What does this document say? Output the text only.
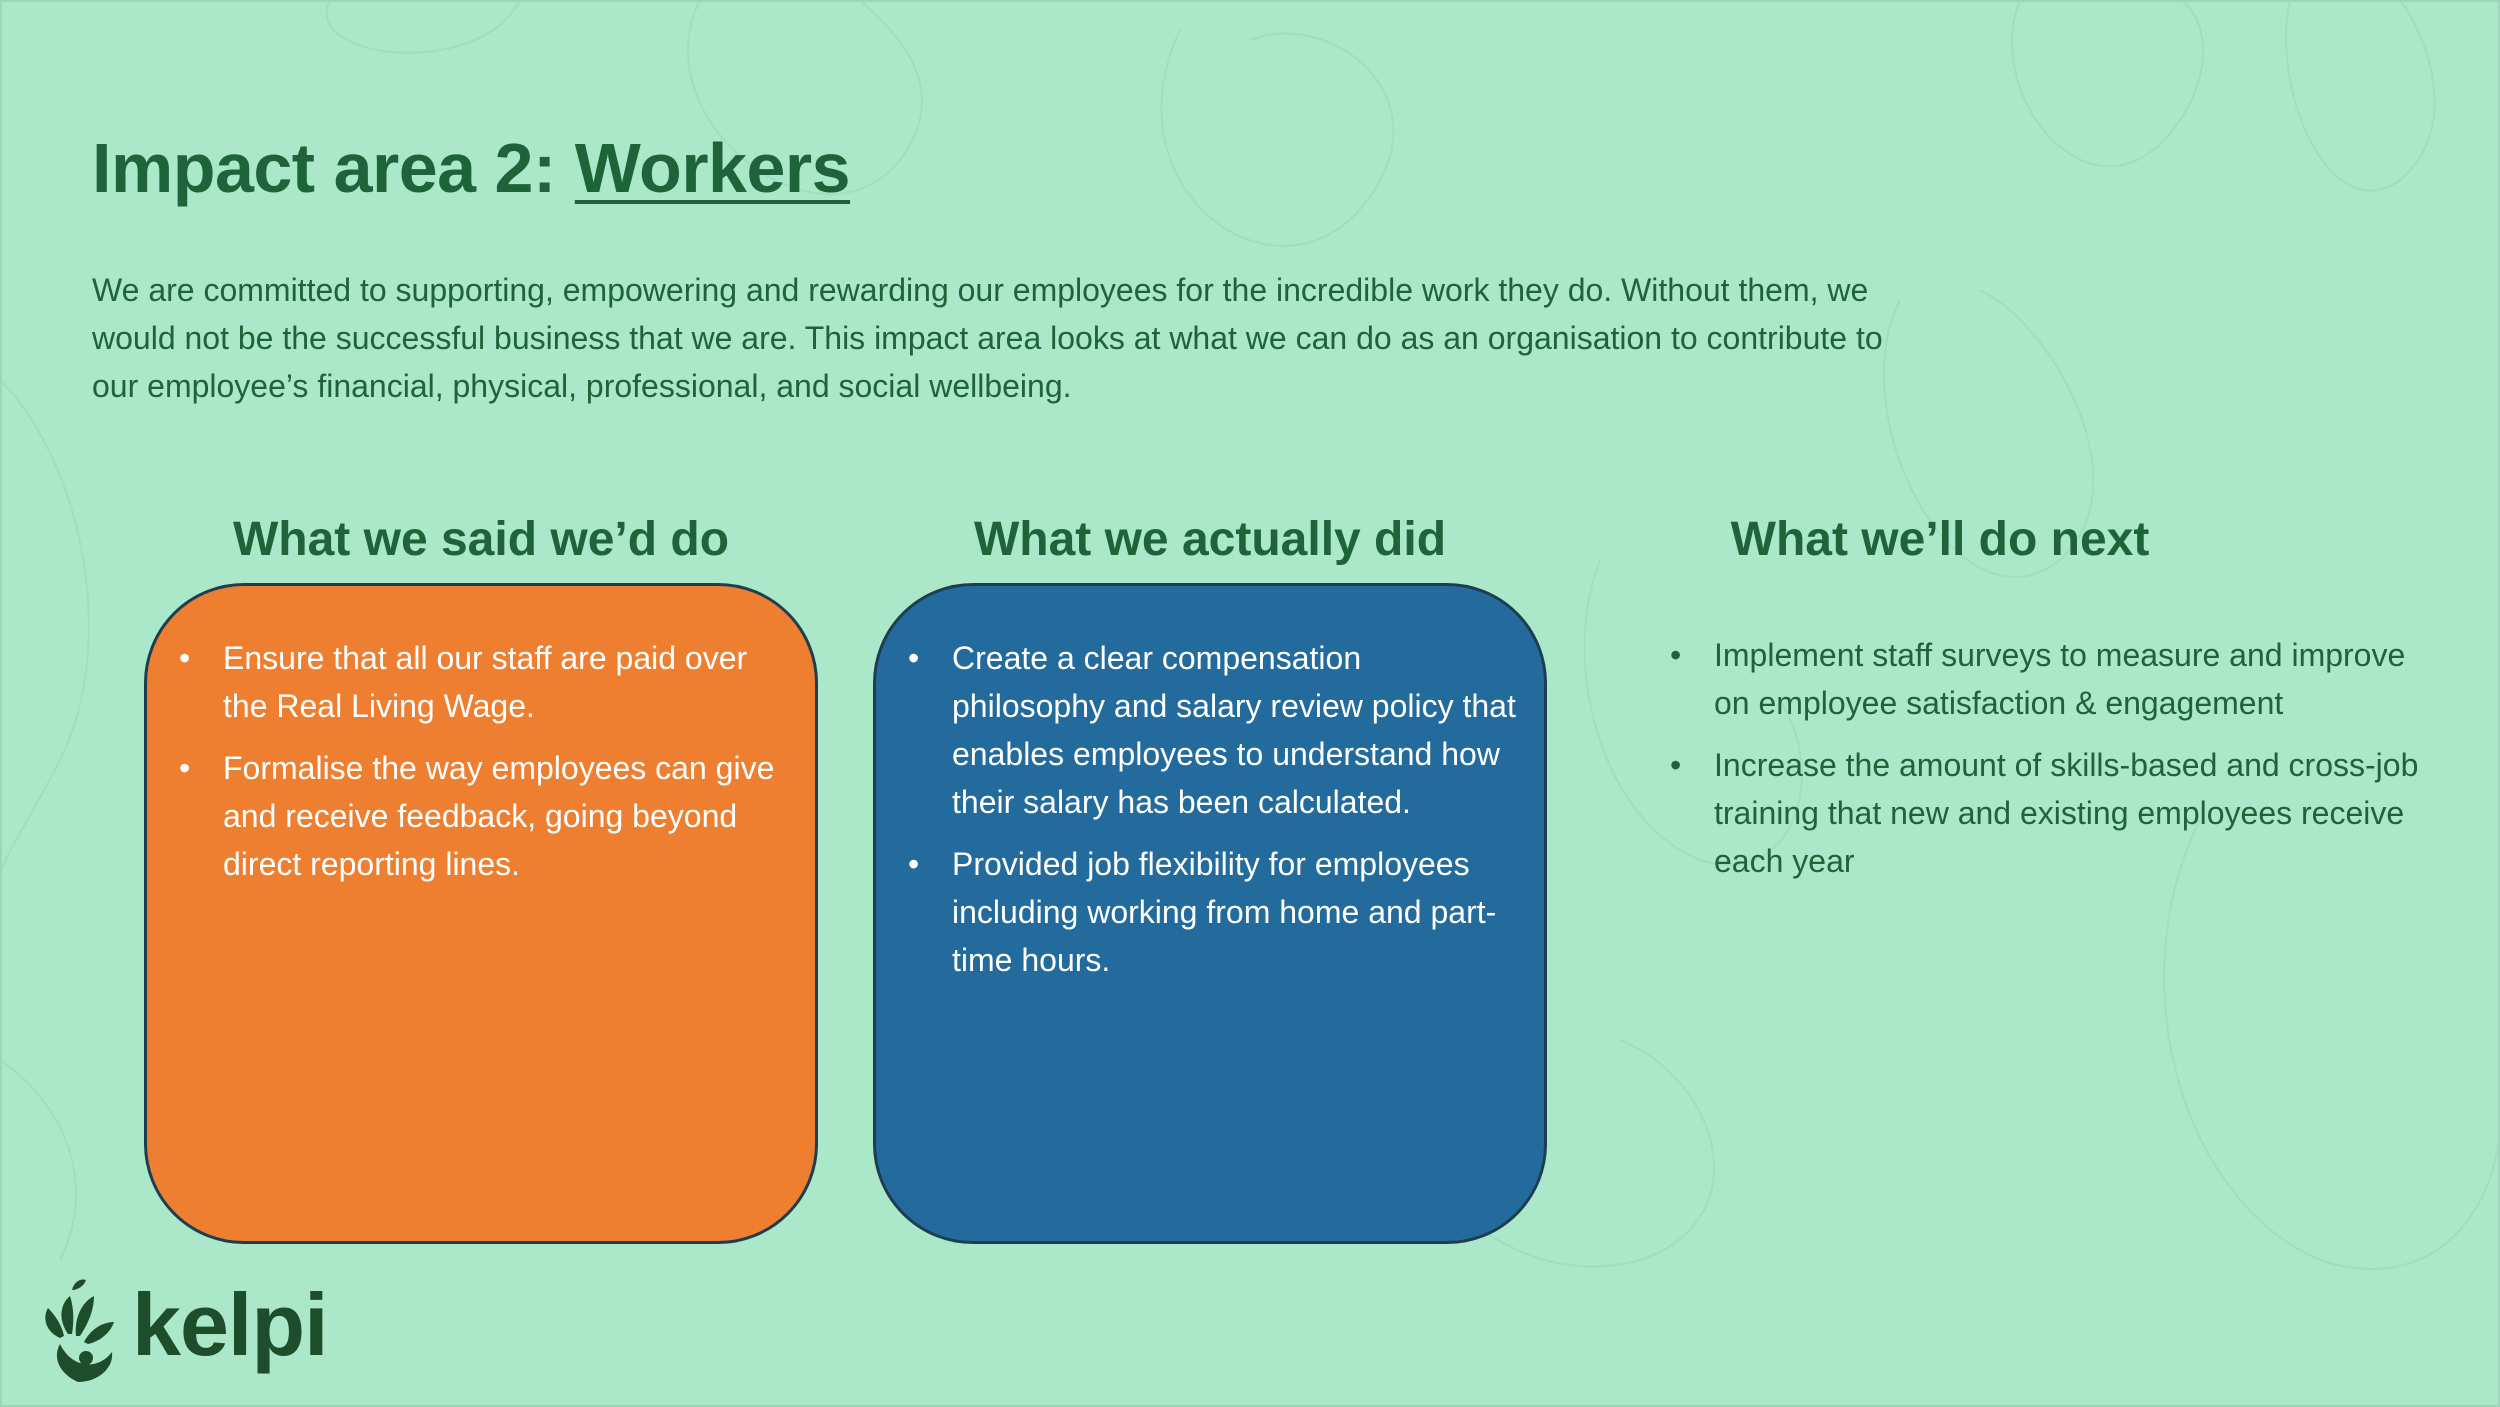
Impact area 2: Workers
We are committed to supporting, empowering and rewarding our employees for the incredible work they do. Without them, we would not be the successful business that we are. This impact area looks at what we can do as an organisation to contribute to our employee’s financial, physical, professional, and social wellbeing.
What we said we’d do	What we actually did	What we’ll do next
• Ensure that all our staff are paid over the Real Living Wage.
• Formalise the way employees can give and receive feedback, going beyond direct reporting lines.
• Create a clear compensation philosophy and salary review policy that enables employees to understand how their salary has been calculated.
• Provided job flexibility for employees including working from home and part-time hours.
• Implement staff surveys to measure and improve on employee satisfaction & engagement
• Increase the amount of skills-based and cross-job training that new and existing employees receive each year
kelpi
